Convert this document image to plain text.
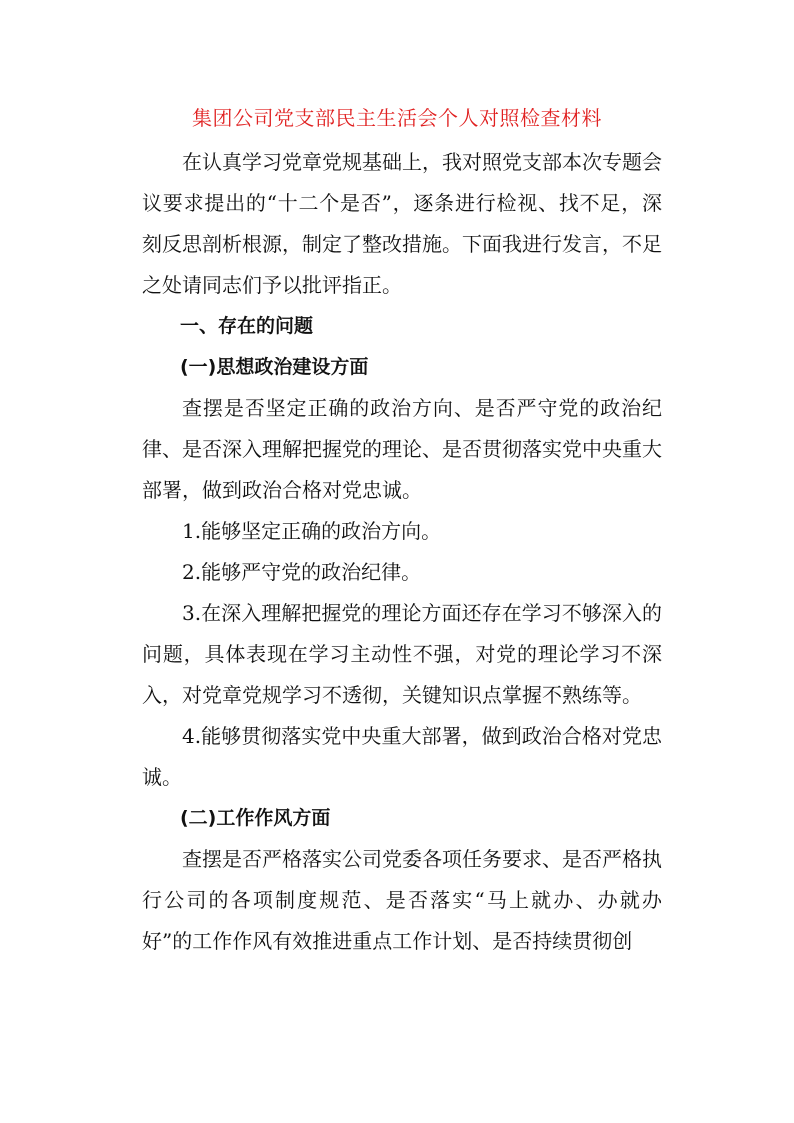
集团公司党支部民主生活会个人对照检查材料

在认真学习党章党规基础上，我对照党支部本次专题会议要求提出的“十二个是否”，逐条进行检视、找不足，深刻反思剖析根源，制定了整改措施。下面我进行发言，不足之处请同志们予以批评指正。

一、存在的问题

(一)思想政治建设方面

查摆是否坚定正确的政治方向、是否严守党的政治纪律、是否深入理解把握党的理论、是否贯彻落实党中央重大部署，做到政治合格对党忠诚。

1.能够坚定正确的政治方向。

2.能够严守党的政治纪律。

3.在深入理解把握党的理论方面还存在学习不够深入的问题，具体表现在学习主动性不强，对党的理论学习不深入，对党章党规学习不透彻，关键知识点掌握不熟练等。

4.能够贯彻落实党中央重大部署，做到政治合格对党忠诚。

(二)工作作风方面

查摆是否严格落实公司党委各项任务要求、是否严格执行公司的各项制度规范、是否落实“马上就办、办就办好”的工作作风有效推进重点工作计划、是否持续贯彻创
